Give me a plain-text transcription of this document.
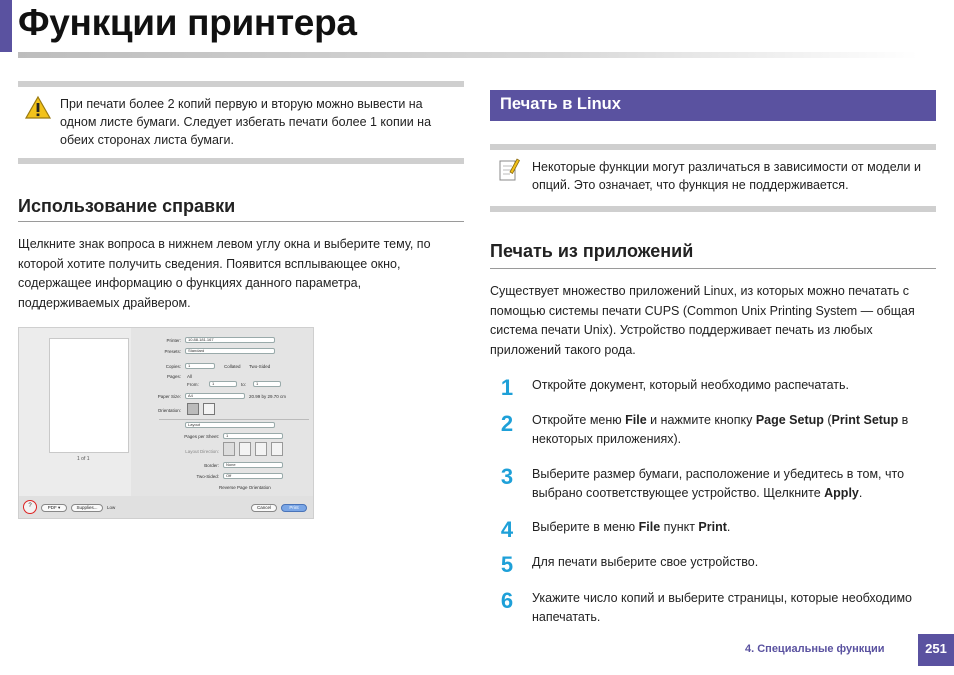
Функции принтера
При печати более 2 копий первую и вторую можно вывести на одном листе бумаги. Следует избегать печати более 1 копии на обеих сторонах листа бумаги.
Использование справки
Щелкните знак вопроса в нижнем левом углу окна и выберите тему, по которой хотите получить сведения. Появится всплывающее окно, содержащее информацию о функциях данного параметра, поддерживаемых драйвером.
1 of 1
Printer:	10.88.181.167
Presets:	Standard
Copies:	1	Collated Two-Sided
Pages: All
From:	1	to:	1
Paper Size:	A4	20.99 by 29.70 cm
Orientation:
Layout
Pages per Sheet:	1
Layout Direction:
Border:	None
Two-Sided:	Off
Reverse Page Orientation
?	PDF ▾	Supplies...	Low	Cancel	Print
Печать в Linux
Некоторые функции могут различаться в зависимости от модели и опций. Это означает, что функция не поддерживается.
Печать из приложений
Существует множество приложений Linux, из которых можно печатать с помощью системы печати CUPS (Common Unix Printing System — общая система печати Unix). Устройство поддерживает печать из любых приложений такого рода.
1	Откройте документ, который необходимо распечатать.
2	Откройте меню File и нажмите кнопку Page Setup (Print Setup в некоторых приложениях).
3	Выберите размер бумаги, расположение и убедитесь в том, что выбрано соответствующее устройство. Щелкните Apply.
4	Выберите в меню File пункт Print.
5	Для печати выберите свое устройство.
6	Укажите число копий и выберите страницы, которые необходимо напечатать.
4. Специальные функции	251
